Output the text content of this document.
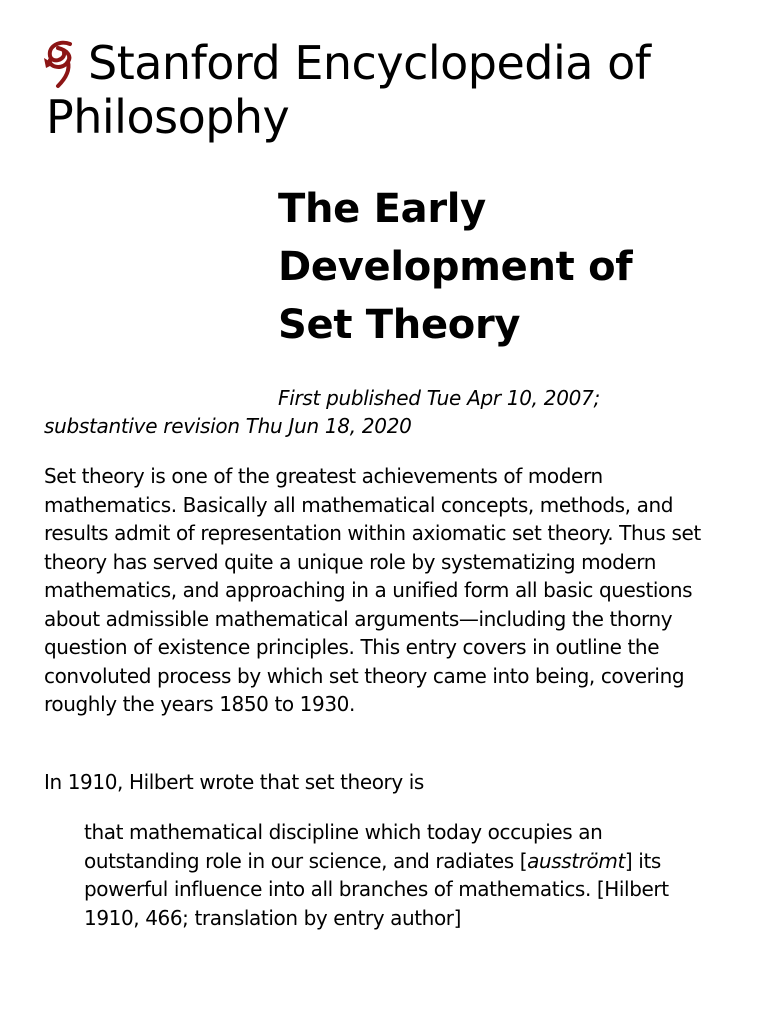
Stanford Encyclopedia of
Philosophy
The Early
Development of
Set Theory

First published Tue Apr 10, 2007;
substantive revision Thu Jun 18, 2020

Set theory is one of the greatest achievements of modern mathematics. Basically all mathematical concepts, methods, and results admit of representation within axiomatic set theory. Thus set theory has served quite a unique role by systematizing modern mathematics, and approaching in a unified form all basic questions about admissible mathematical arguments—including the thorny question of existence principles. This entry covers in outline the convoluted process by which set theory came into being, covering roughly the years 1850 to 1930.

In 1910, Hilbert wrote that set theory is

that mathematical discipline which today occupies an outstanding role in our science, and radiates [ausströmt] its powerful influence into all branches of mathematics. [Hilbert 1910, 466; translation by entry author]
